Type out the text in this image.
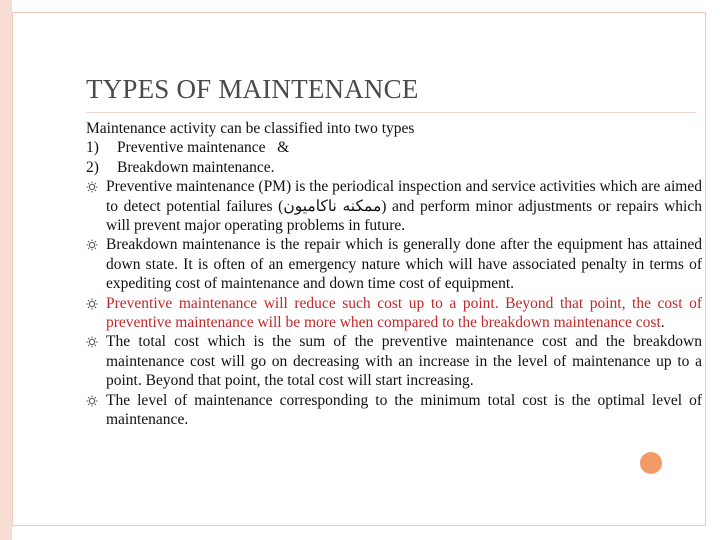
TYPES OF MAINTENANCE
Maintenance activity can be classified into two types
1) Preventive maintenance   &
2) Breakdown maintenance.
Preventive maintenance (PM) is the periodical inspection and service activities which are aimed to detect potential failures (ممكنه ناكاميون) and perform minor adjustments or repairs which will prevent major operating problems in future.
Breakdown maintenance is the repair which is generally done after the equipment has attained down state. It is often of an emergency nature which will have associated penalty in terms of expediting cost of maintenance and down time cost of equipment.
Preventive maintenance will reduce such cost up to a point. Beyond that point, the cost of preventive maintenance will be more when compared to the breakdown maintenance cost.
The total cost which is the sum of the preventive maintenance cost and the breakdown maintenance cost will go on decreasing with an increase in the level of maintenance up to a point. Beyond that point, the total cost will start increasing.
The level of maintenance corresponding to the minimum total cost is the optimal level of maintenance.
